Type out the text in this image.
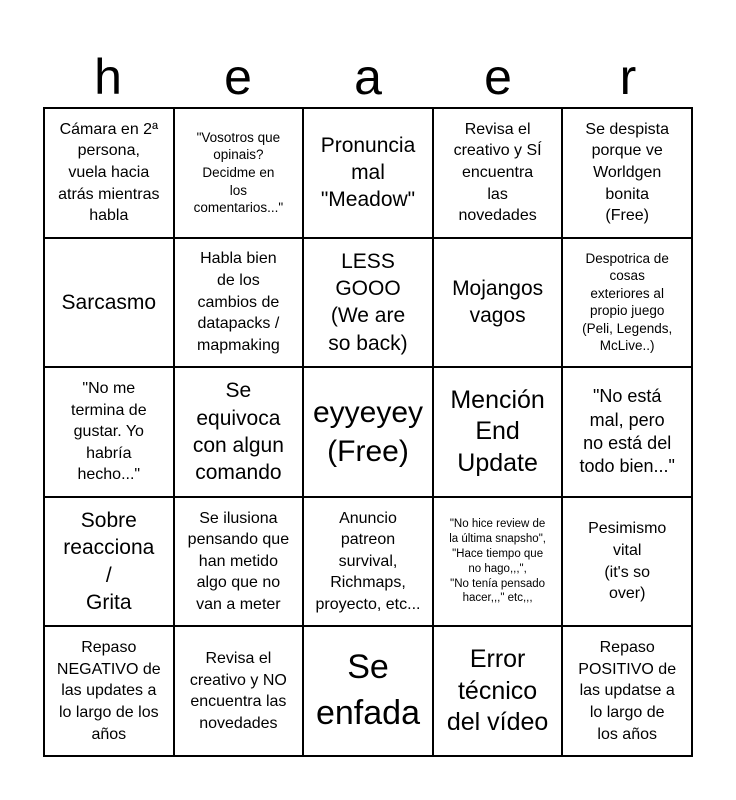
h	e	a	e	r
Cámara en 2ª
persona,
vuela hacia
atrás mientras
habla
"Vosotros que
opinais?
Decidme en
los
comentarios..."
Pronuncia
mal
"Meadow"
Revisa el
creativo y SÍ
encuentra
las
novedades
Se despista
porque ve
Worldgen
bonita
(Free)
Sarcasmo
Habla bien
de los
cambios de
datapacks /
mapmaking
LESS
GOOO
(We are
so back)
Mojangos
vagos
Despotrica de
cosas
exteriores al
propio juego
(Peli, Legends,
McLive..)
"No me
termina de
gustar. Yo
habría
hecho..."
Se
equivoca
con algun
comando
eyyeyey
(Free)
Mención
End
Update
"No está
mal, pero
no está del
todo bien..."
Sobre
reacciona
/
Grita
Se ilusiona
pensando que
han metido
algo que no
van a meter
Anuncio
patreon
survival,
Richmaps,
proyecto, etc...
"No hice review de
la última snapsho",
"Hace tiempo que
no hago,,,",
"No tenía pensado
hacer,,," etc,,,
Pesimismo
vital
(it's so
over)
Repaso
NEGATIVO de
las updates a
lo largo de los
años
Revisa el
creativo y NO
encuentra las
novedades
Se
enfada
Error
técnico
del vídeo
Repaso
POSITIVO de
las updatse a
lo largo de
los años
